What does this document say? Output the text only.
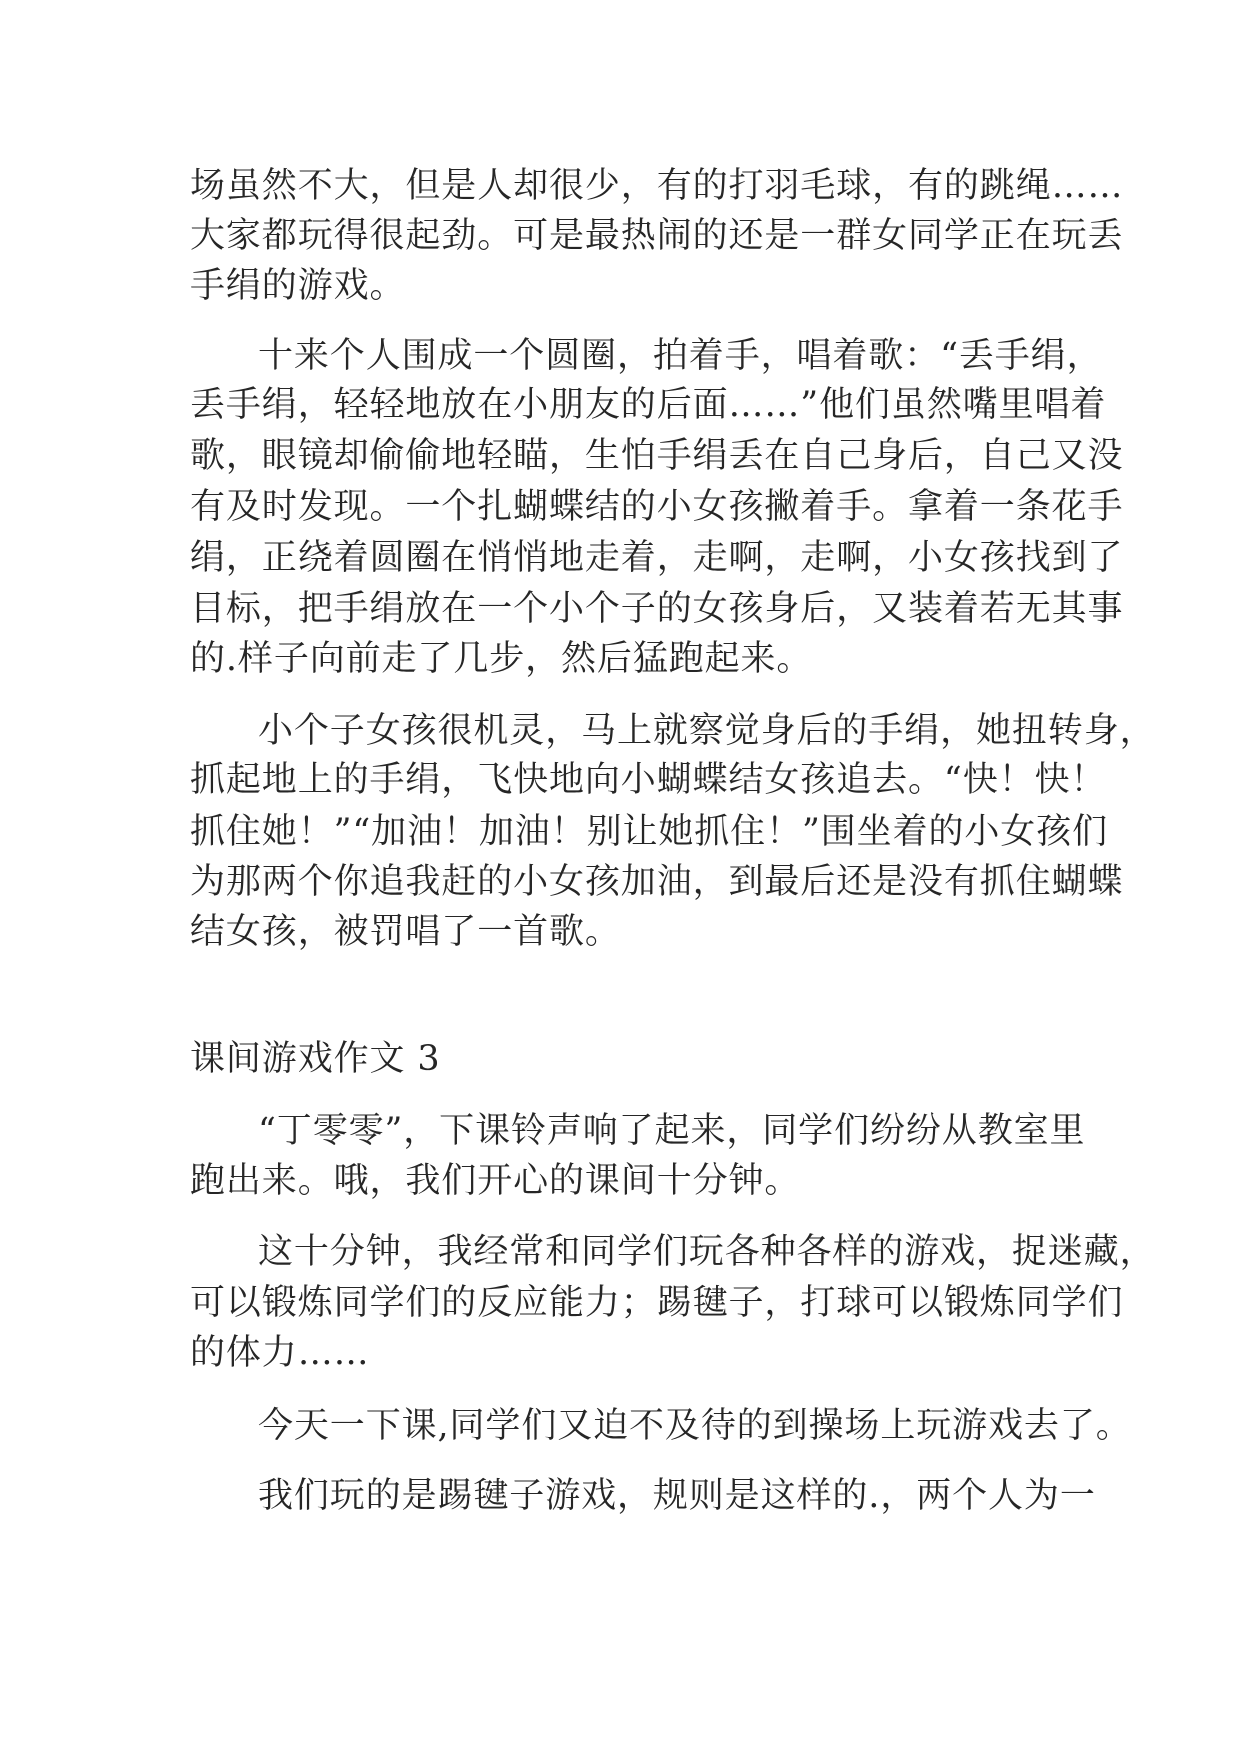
场虽然不大，但是人却很少，有的打羽毛球，有的跳绳……
大家都玩得很起劲。可是最热闹的还是一群女同学正在玩丢
手绢的游戏。
十来个人围成一个圆圈，拍着手，唱着歌：“丢手绢，
丢手绢，轻轻地放在小朋友的后面……”他们虽然嘴里唱着
歌，眼镜却偷偷地轻瞄，生怕手绢丢在自己身后，自己又没
有及时发现。一个扎蝴蝶结的小女孩撇着手。拿着一条花手
绢，正绕着圆圈在悄悄地走着，走啊，走啊，小女孩找到了
目标，把手绢放在一个小个子的女孩身后，又装着若无其事
的.样子向前走了几步，然后猛跑起来。
小个子女孩很机灵，马上就察觉身后的手绢，她扭转身，
抓起地上的手绢，飞快地向小蝴蝶结女孩追去。“快！快！
抓住她！”“加油！加油！别让她抓住！”围坐着的小女孩们
为那两个你追我赶的小女孩加油，到最后还是没有抓住蝴蝶
结女孩，被罚唱了一首歌。
课间游戏作文 3
“丁零零”，下课铃声响了起来，同学们纷纷从教室里
跑出来。哦，我们开心的课间十分钟。
这十分钟，我经常和同学们玩各种各样的游戏，捉迷藏，
可以锻炼同学们的反应能力；踢毽子，打球可以锻炼同学们
的体力……
今天一下课,同学们又迫不及待的到操场上玩游戏去了。
我们玩的是踢毽子游戏，规则是这样的.，两个人为一
